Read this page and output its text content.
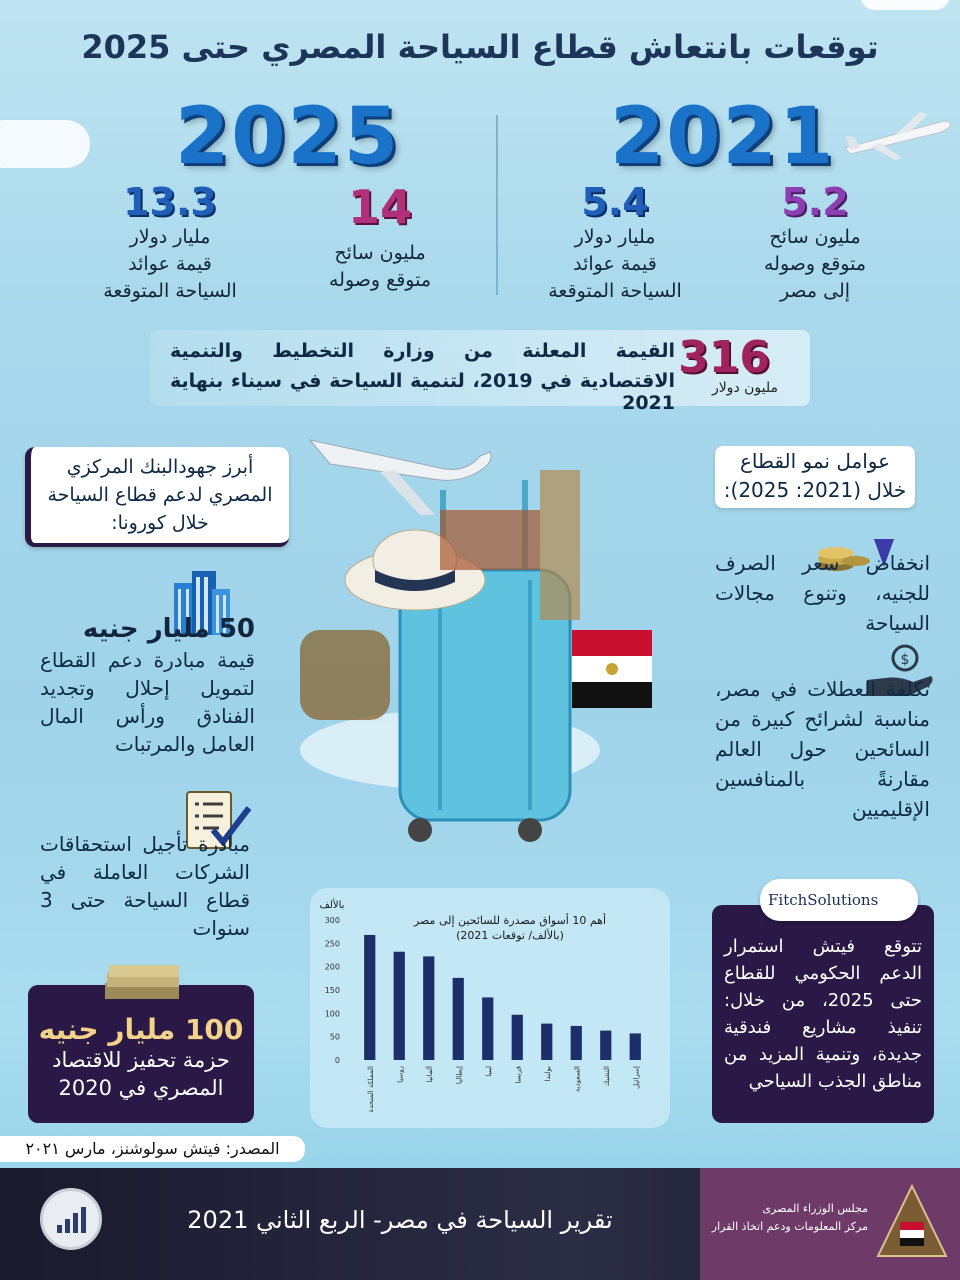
توقعات بانتعاش قطاع السياحة المصري حتى 2025
2021
2025
5.2
مليون سائح
متوقع وصوله
إلى مصر
5.4
مليار دولار
قيمة عوائد
السياحة المتوقعة
14
مليون سائح
متوقع وصوله
13.3
مليار دولار
قيمة عوائد
السياحة المتوقعة
316
مليون دولار
القيمة المعلنة من وزارة التخطيط والتنمية
الاقتصادية في 2019، لتنمية السياحة في سيناء بنهاية 2021
عوامل نمو القطاع
خلال (2021: 2025):
انخفاض سعر الصرف للجنيه، وتنوع مجالات السياحة
$
تكلفة العطلات في مصر، مناسبة لشرائح كبيرة من السائحين حول العالم مقارنةً بالمنافسين الإقليميين
أبرز جهودالبنك المركزي المصري لدعم قطاع السياحة خلال كورونا:
50 مليار جنيه
قيمة مبادرة دعم القطاع لتمويل إحلال وتجديد الفنادق ورأس المال العامل والمرتبات
مبادرة تأجيل استحقاقات الشركات العاملة في قطاع السياحة حتى 3 سنوات
100 مليار جنيه
حزمة تحفيز للاقتصاد
المصري في 2020
أهم 10 أسواق مصدرة للسائحين إلى مصر
(بالألف/ توقعات 2021)
بالألف
0
50
100
150
200
250
300
المملكة المتحدة	روسيا	ألمانيا	إيطاليا	ليبيا	فرنسا	بولندا	السعودية	التشيك	إسرائيل
FitchSolutions
تتوقع فيتش استمرار الدعم الحكومي للقطاع حتى 2025، من خلال: تنفيذ مشاريع فندقية جديدة، وتنمية المزيد من مناطق الجذب السياحي
المصدر: فيتش سولوشنز، مارس ٢٠٢١
تقرير السياحة في مصر- الربع الثاني 2021	مجلس الوزراء المصرى
مركز المعلومات ودعم اتخاذ القرار
